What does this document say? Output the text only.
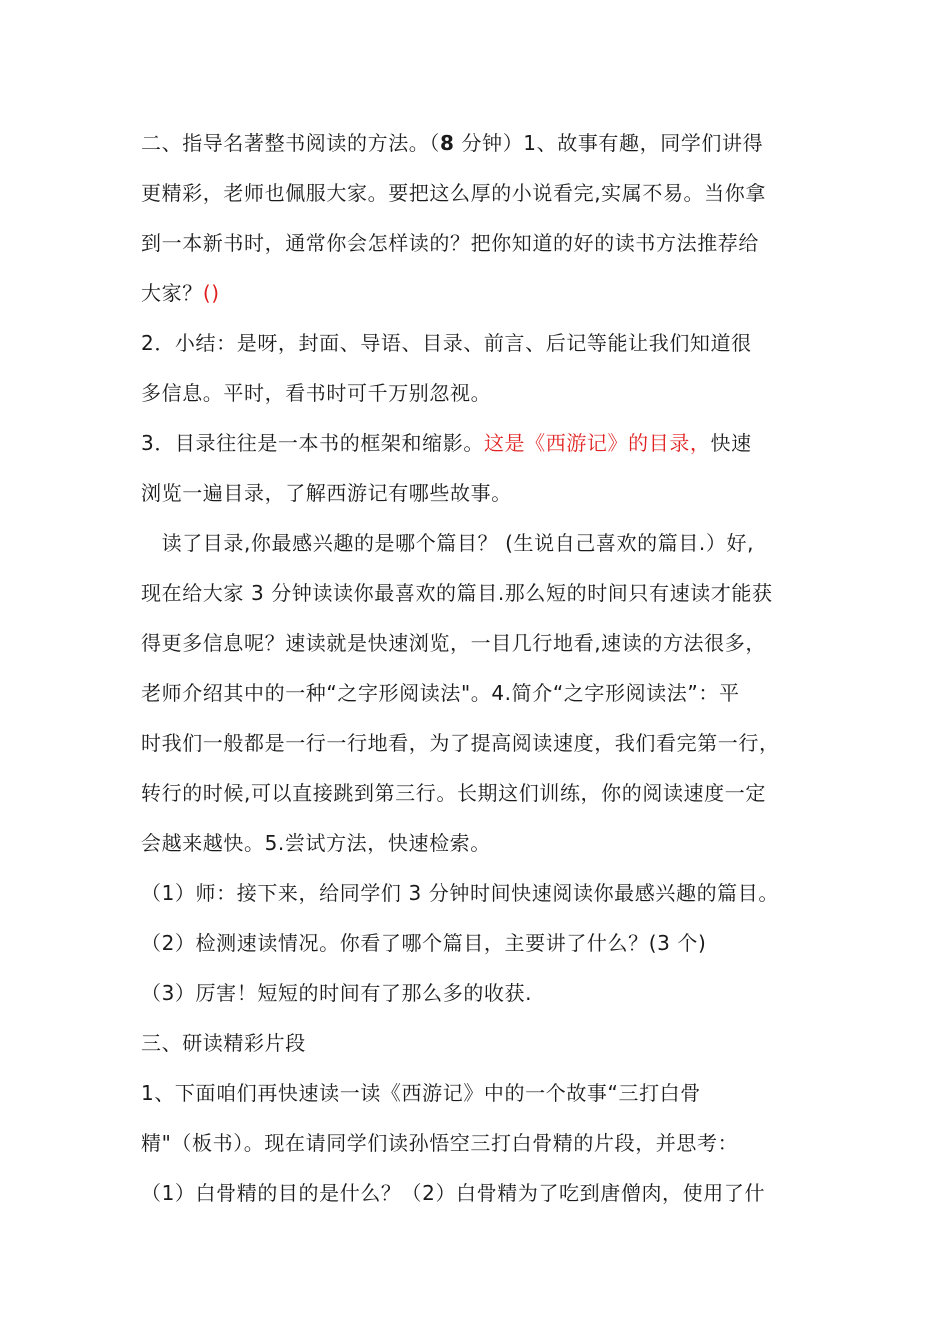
二、指导名著整书阅读的方法。（8 分钟）1、故事有趣，同学们讲得
更精彩，老师也佩服大家。要把这么厚的小说看完,实属不易。当你拿
到一本新书时，通常你会怎样读的？把你知道的好的读书方法推荐给
大家？()
2．小结：是呀，封面、导语、目录、前言、后记等能让我们知道很
多信息。平时，看书时可千万别忽视。
3．目录往往是一本书的框架和缩影。这是《西游记》的目录，快速
浏览一遍目录，了解西游记有哪些故事。
　读了目录,你最感兴趣的是哪个篇目？ (生说自己喜欢的篇目.）好,
现在给大家 3 分钟读读你最喜欢的篇目.那么短的时间只有速读才能获
得更多信息呢？速读就是快速浏览，一目几行地看,速读的方法很多，
老师介绍其中的一种“之字形阅读法"。4.简介“之字形阅读法”：平
时我们一般都是一行一行地看，为了提高阅读速度，我们看完第一行，
转行的时候,可以直接跳到第三行。长期这们训练，你的阅读速度一定
会越来越快。5.尝试方法，快速检索。
（1）师：接下来，给同学们 3 分钟时间快速阅读你最感兴趣的篇目。
（2）检测速读情况。你看了哪个篇目，主要讲了什么？(3 个)
（3）厉害！短短的时间有了那么多的收获.
三、研读精彩片段
1、下面咱们再快速读一读《西游记》中的一个故事“三打白骨
精"（板书）。现在请同学们读孙悟空三打白骨精的片段，并思考：
（1）白骨精的目的是什么？（2）白骨精为了吃到唐僧肉，使用了什
